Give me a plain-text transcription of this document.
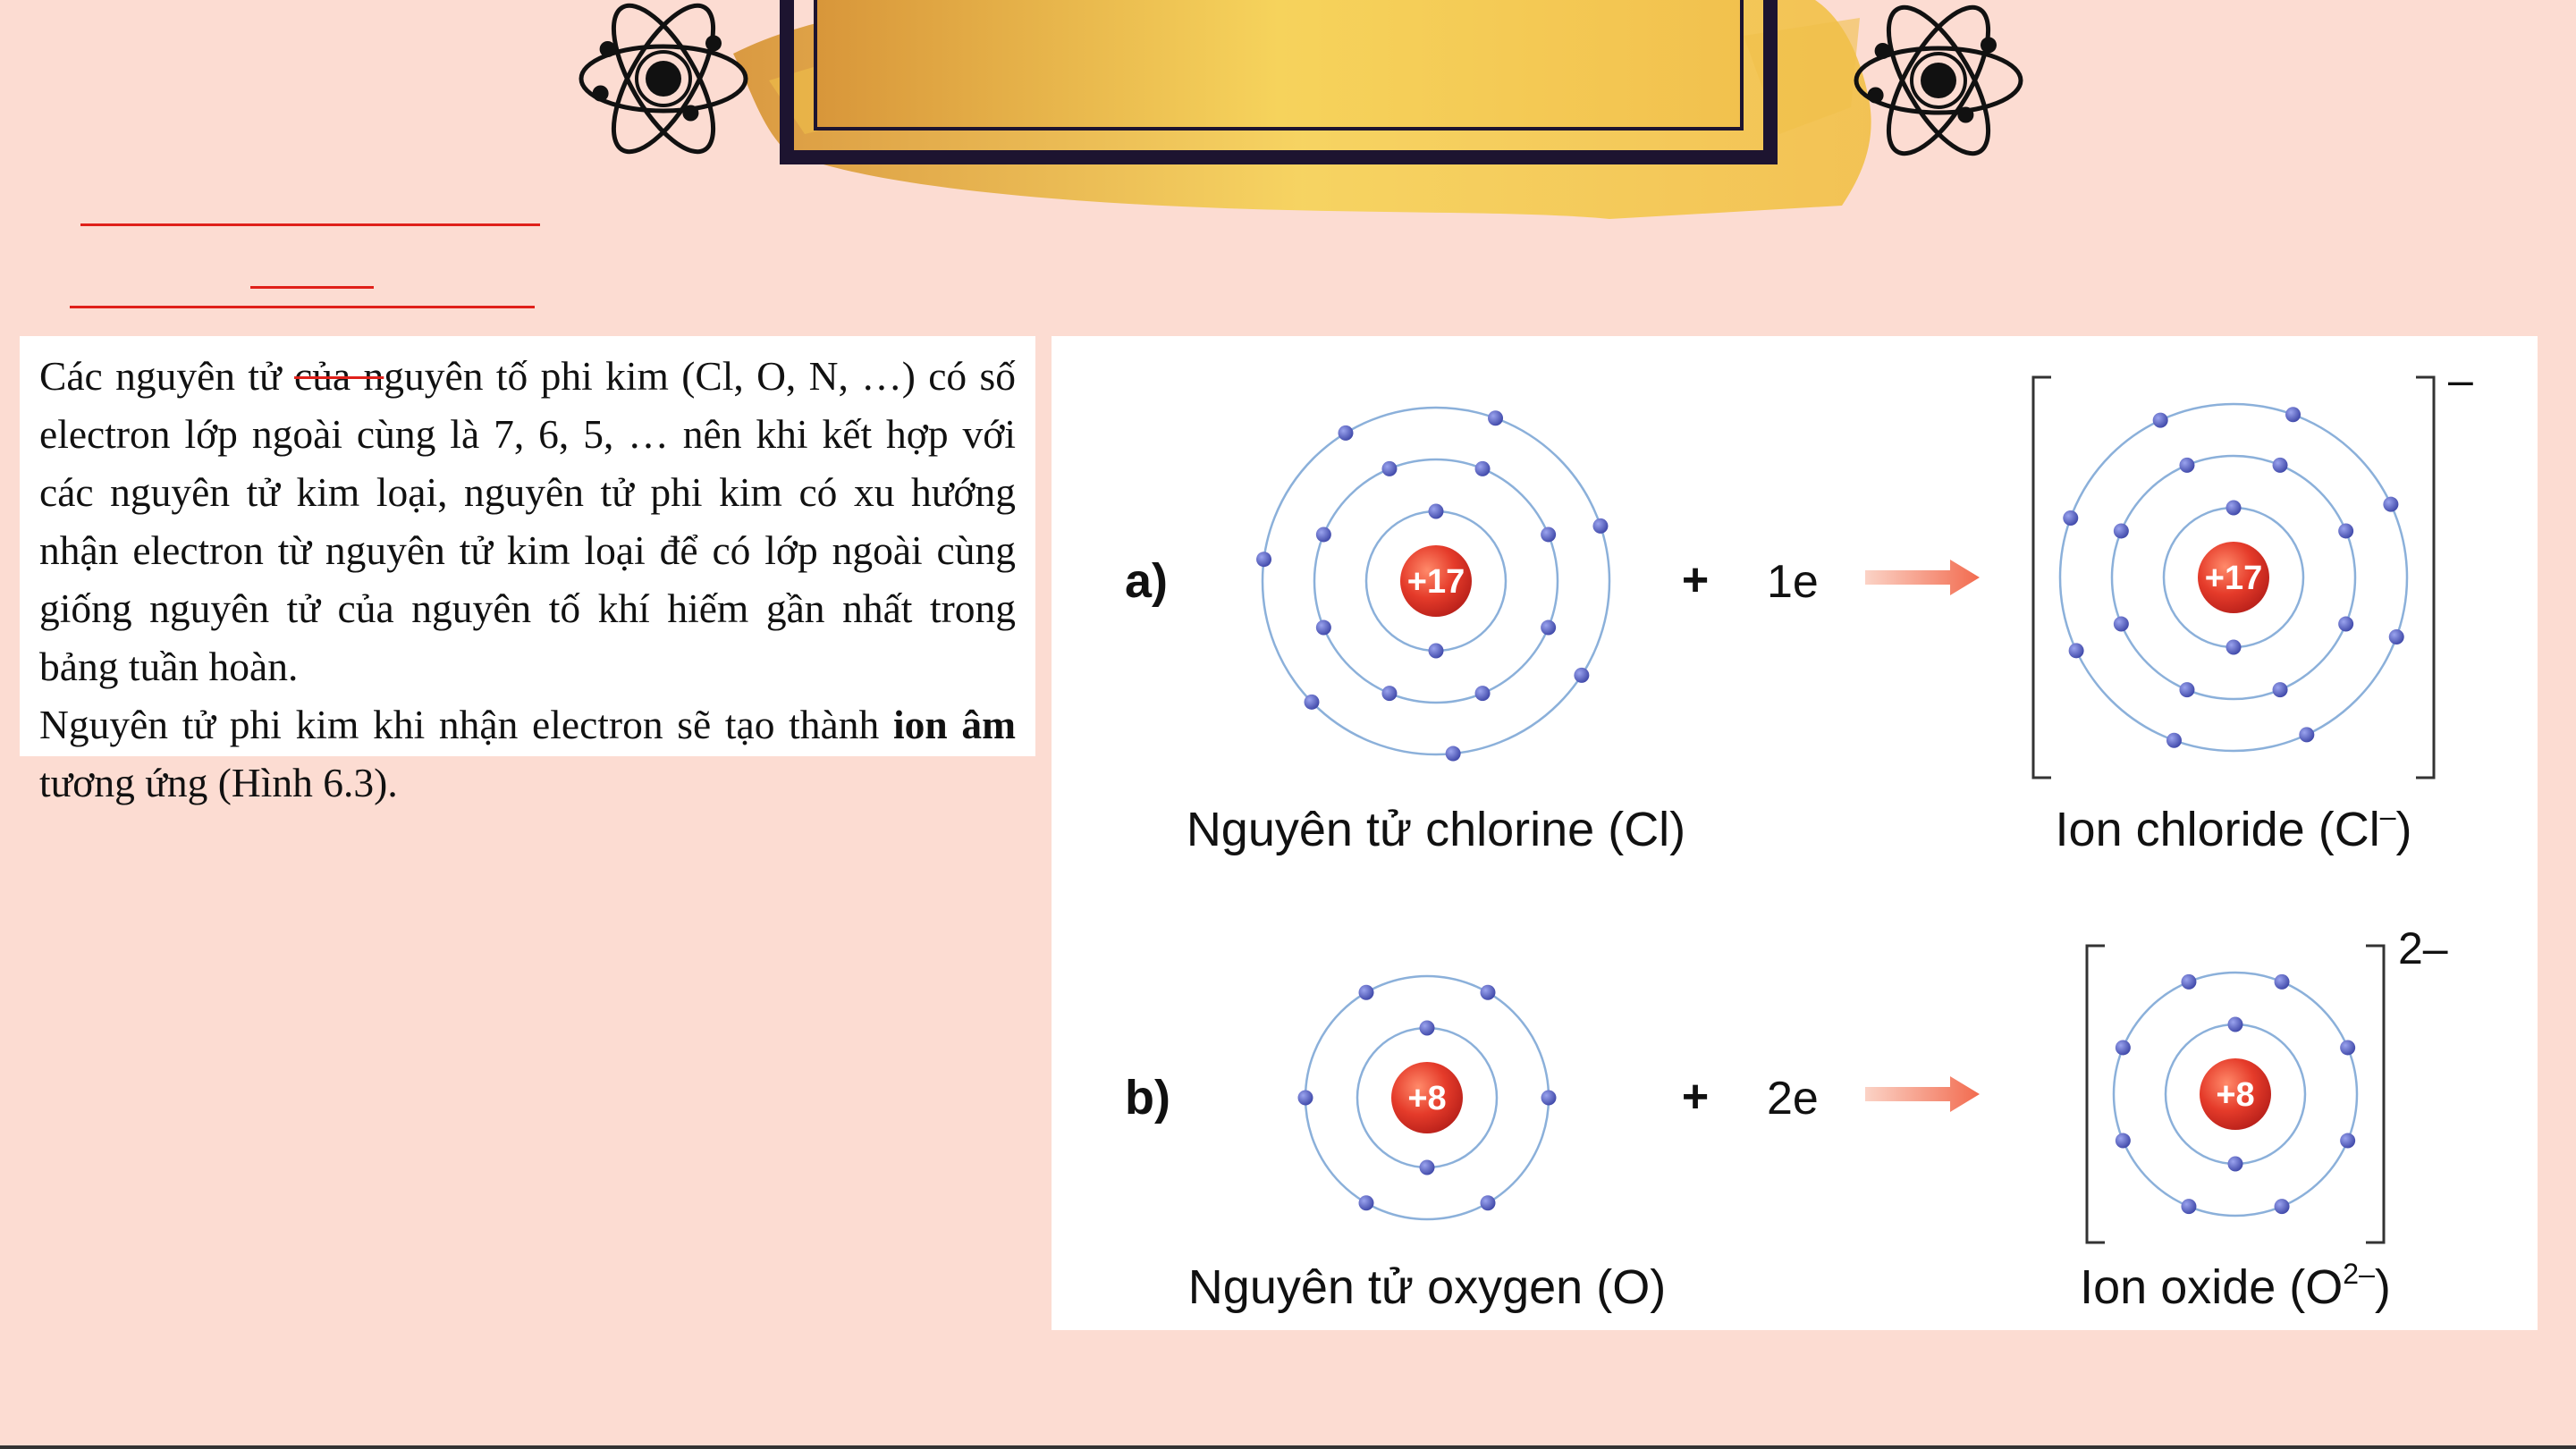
Các nguyên tử của nguyên tố phi kim (Cl, O, N, …) có số electron lớp ngoài cùng là 7, 6, 5, … nên khi kết hợp với các nguyên tử kim loại, nguyên tử phi kim có xu hướng nhận electron từ nguyên tử kim loại để có lớp ngoài cùng giống nguyên tử của nguyên tố khí hiếm gần nhất trong bảng tuần hoàn.

Nguyên tử phi kim khi nhận electron sẽ tạo thành ion âm tương ứng (Hình 6.3).

a)	+17	+ 1e	+17
–
Nguyên tử chlorine (Cl)	Ion chloride (Cl–)
b)	+8	+ 2e	+8
2–
Nguyên tử oxygen (O)	Ion oxide $(O^{2-})$
